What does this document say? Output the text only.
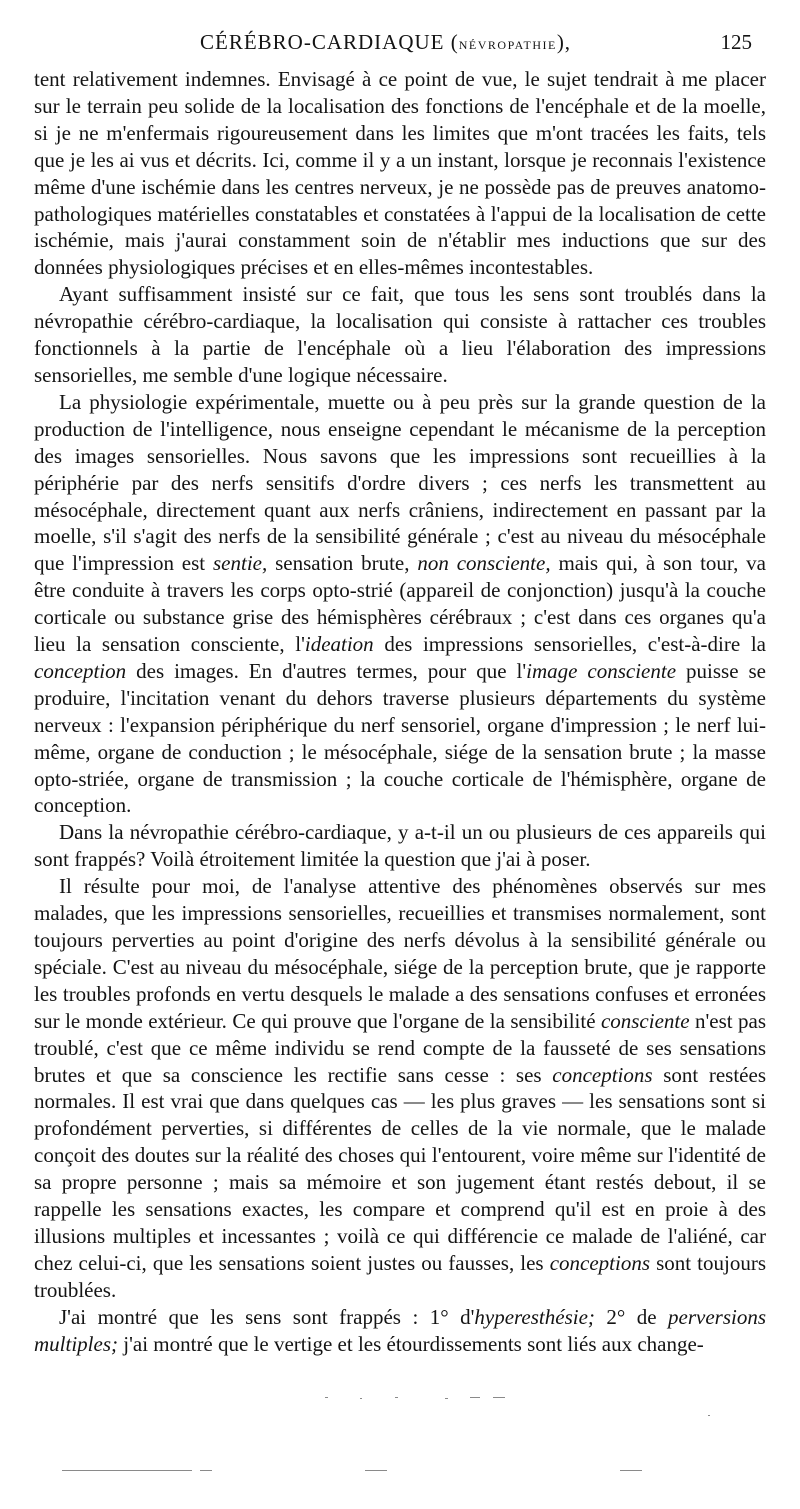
CÉRÉBRO-CARDIAQUE (NÉVROPATHIE),	125

tent relativement indemnes. Envisagé à ce point de vue, le sujet tendrait à me placer sur le terrain peu solide de la localisation des fonctions de l'encéphale et de la moelle, si je ne m'enfermais rigoureusement dans les limites que m'ont tracées les faits, tels que je les ai vus et décrits. Ici, comme il y a un instant, lorsque je reconnais l'existence même d'une ischémie dans les centres nerveux, je ne possède pas de preuves anatomo-pathologiques matérielles constatables et constatées à l'appui de la localisation de cette ischémie, mais j'aurai constamment soin de n'établir mes inductions que sur des données physiologiques précises et en elles-mêmes incontestables.

Ayant suffisamment insisté sur ce fait, que tous les sens sont troublés dans la névropathie cérébro-cardiaque, la localisation qui consiste à rattacher ces troubles fonctionnels à la partie de l'encéphale où a lieu l'élaboration des impressions sensorielles, me semble d'une logique nécessaire.

La physiologie expérimentale, muette ou à peu près sur la grande question de la production de l'intelligence, nous enseigne cependant le mécanisme de la perception des images sensorielles. Nous savons que les impressions sont recueillies à la périphérie par des nerfs sensitifs d'ordre divers ; ces nerfs les transmettent au mésocéphale, directement quant aux nerfs crâniens, indirectement en passant par la moelle, s'il s'agit des nerfs de la sensibilité générale ; c'est au niveau du mésocéphale que l'impression est sentie, sensation brute, non consciente, mais qui, à son tour, va être conduite à travers les corps opto-strié (appareil de conjonction) jusqu'à la couche corticale ou substance grise des hémisphères cérébraux ; c'est dans ces organes qu'a lieu la sensation consciente, l'ideation des impressions sensorielles, c'est-à-dire la conception des images. En d'autres termes, pour que l'image consciente puisse se produire, l'incitation venant du dehors traverse plusieurs départements du système nerveux : l'expansion périphérique du nerf sensoriel, organe d'impression ; le nerf lui-même, organe de conduction ; le mésocéphale, siége de la sensation brute ; la masse opto-striée, organe de transmission ; la couche corticale de l'hémisphère, organe de conception.

Dans la névropathie cérébro-cardiaque, y a-t-il un ou plusieurs de ces appareils qui sont frappés? Voilà étroitement limitée la question que j'ai à poser.

Il résulte pour moi, de l'analyse attentive des phénomènes observés sur mes malades, que les impressions sensorielles, recueillies et transmises normalement, sont toujours perverties au point d'origine des nerfs dévolus à la sensibilité générale ou spéciale. C'est au niveau du mésocéphale, siége de la perception brute, que je rapporte les troubles profonds en vertu desquels le malade a des sensations confuses et erronées sur le monde extérieur. Ce qui prouve que l'organe de la sensibilité consciente n'est pas troublé, c'est que ce même individu se rend compte de la fausseté de ses sensations brutes et que sa conscience les rectifie sans cesse : ses conceptions sont restées normales. Il est vrai que dans quelques cas — les plus graves — les sensations sont si profondément perverties, si différentes de celles de la vie normale, que le malade conçoit des doutes sur la réalité des choses qui l'entourent, voire même sur l'identité de sa propre personne ; mais sa mémoire et son jugement étant restés debout, il se rappelle les sensations exactes, les compare et comprend qu'il est en proie à des illusions multiples et incessantes ; voilà ce qui différencie ce malade de l'aliéné, car chez celui-ci, que les sensations soient justes ou fausses, les conceptions sont toujours troublées.

J'ai montré que les sens sont frappés : 1° d'hyperesthésie; 2° de perversions multiples; j'ai montré que le vertige et les étourdissements sont liés aux change-
